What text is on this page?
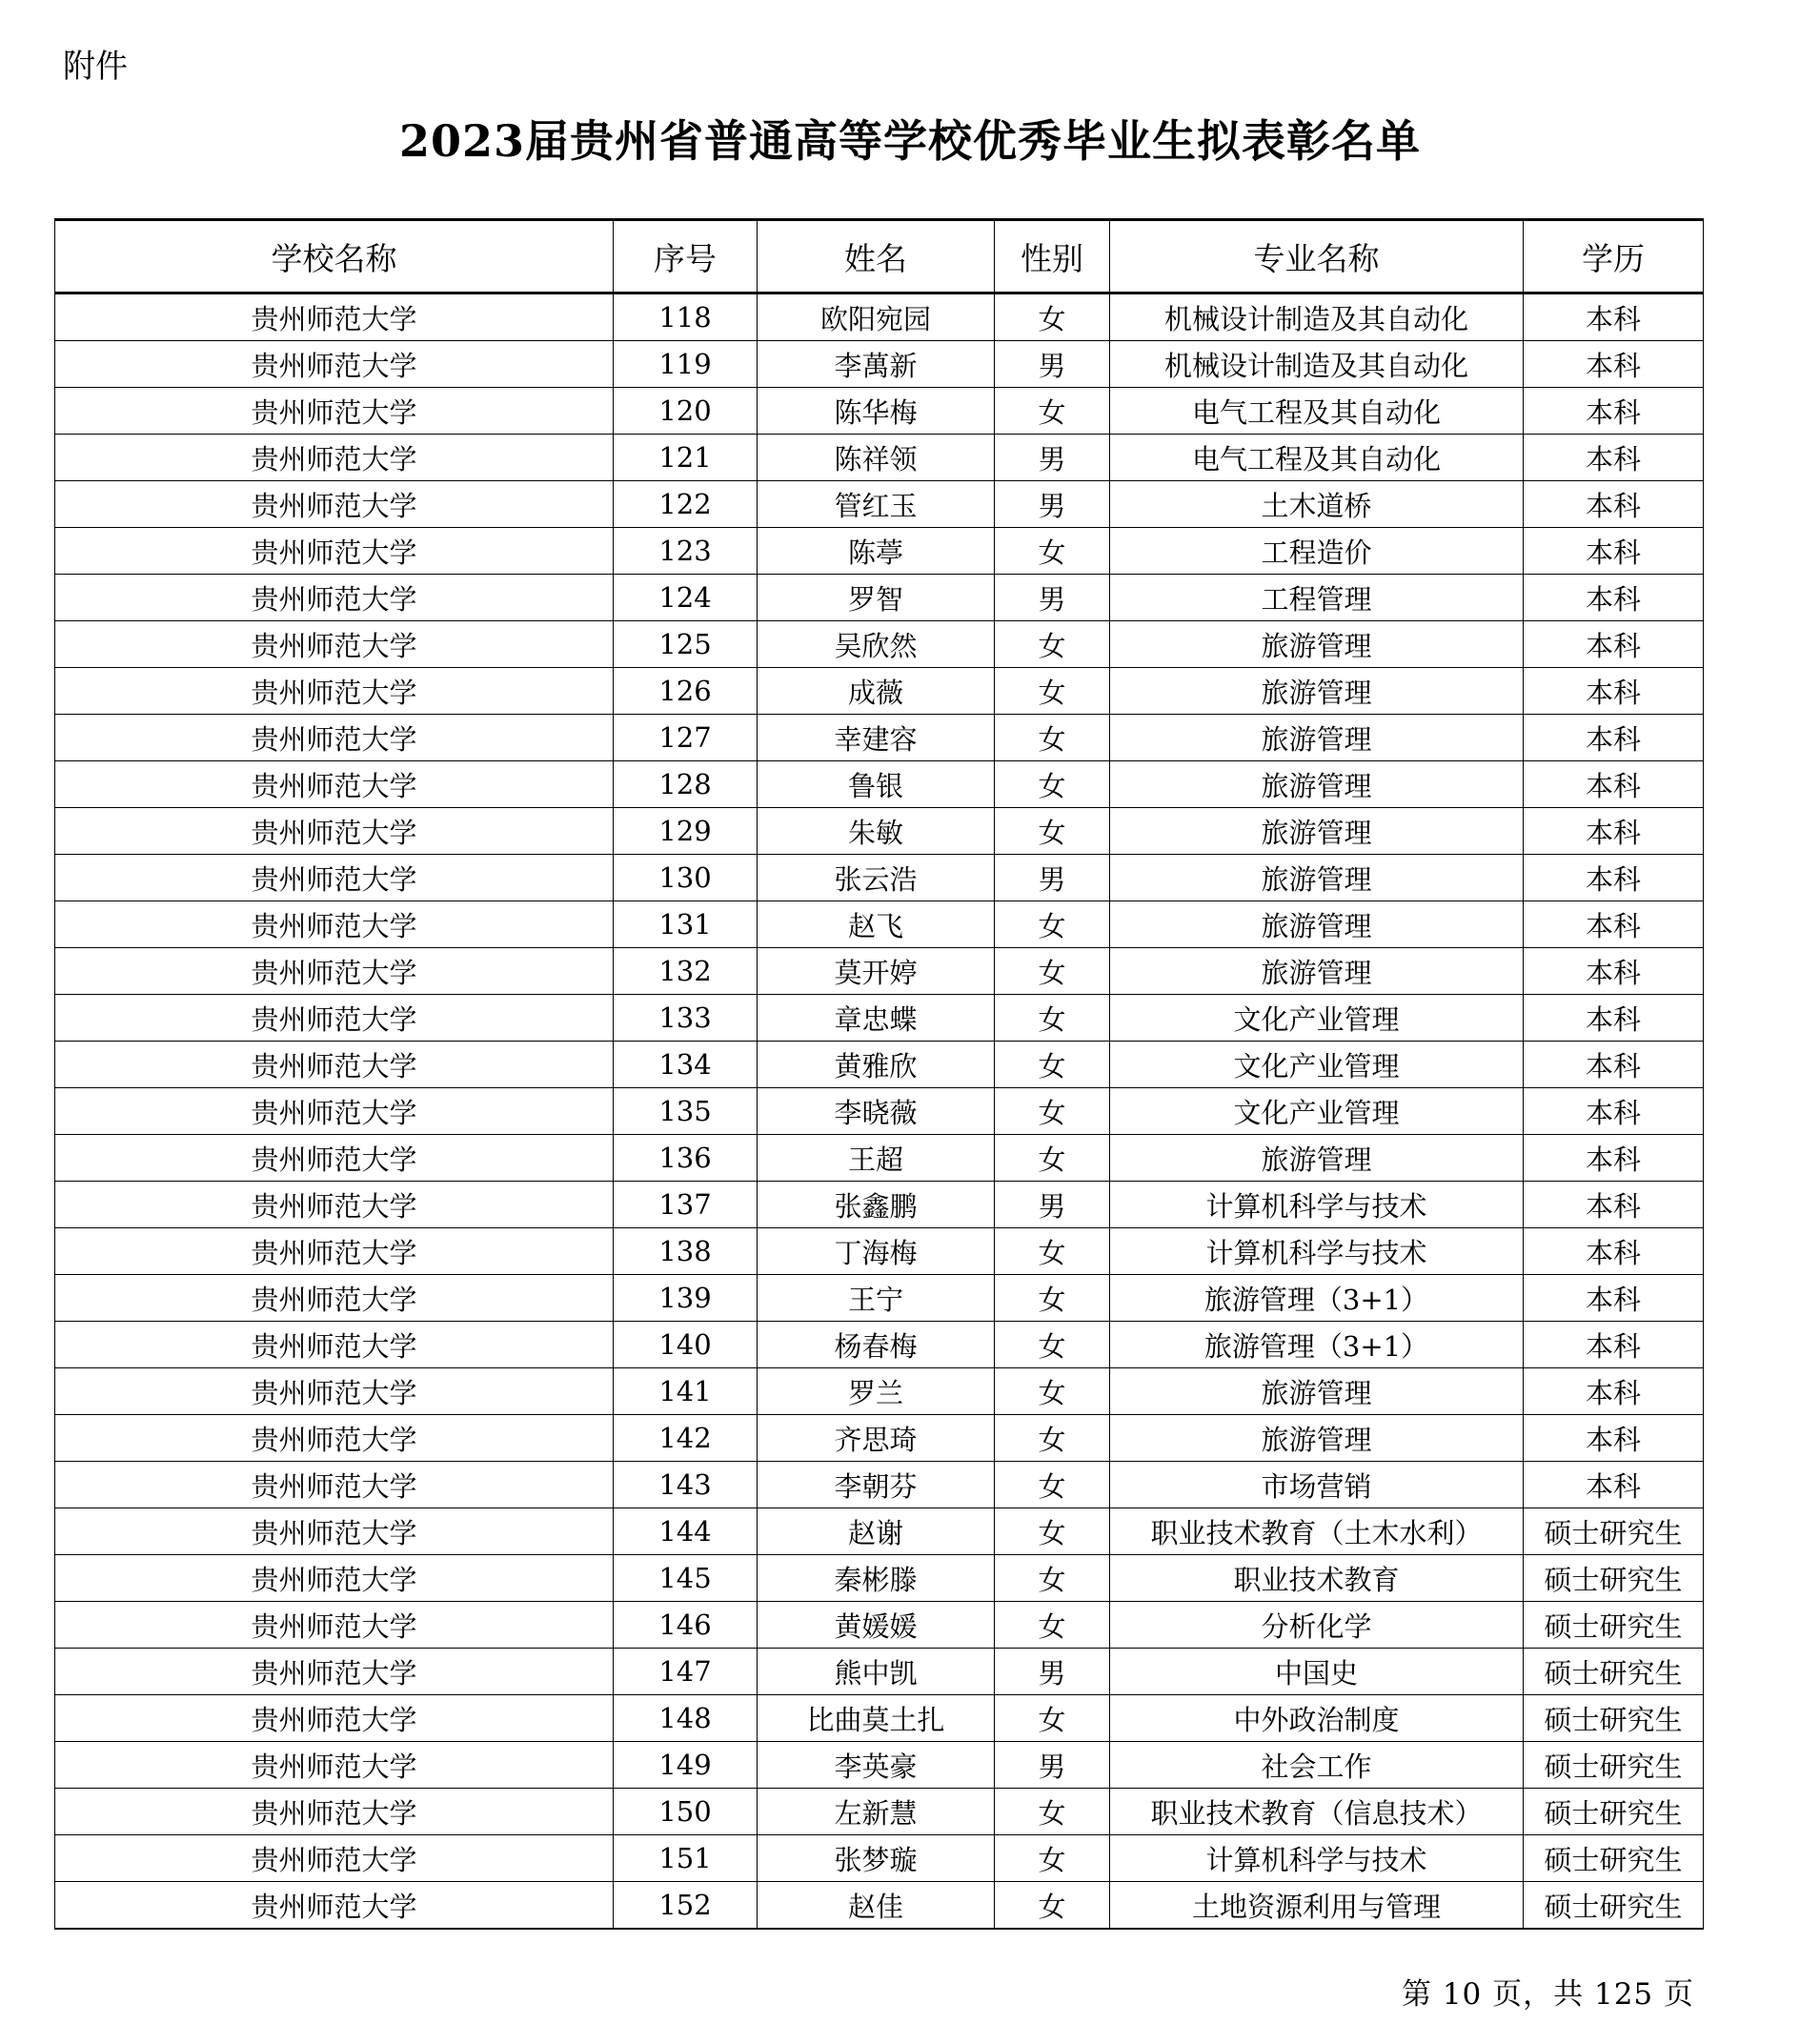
附件
2023届贵州省普通高等学校优秀毕业生拟表彰名单
学校名称	序号	姓名	性别	专业名称	学历
贵州师范大学	118	欧阳宛园	女	机械设计制造及其自动化	本科
贵州师范大学	119	李萬新	男	机械设计制造及其自动化	本科
贵州师范大学	120	陈华梅	女	电气工程及其自动化	本科
贵州师范大学	121	陈祥领	男	电气工程及其自动化	本科
贵州师范大学	122	管红玉	男	土木道桥	本科
贵州师范大学	123	陈葶	女	工程造价	本科
贵州师范大学	124	罗智	男	工程管理	本科
贵州师范大学	125	吴欣然	女	旅游管理	本科
贵州师范大学	126	成薇	女	旅游管理	本科
贵州师范大学	127	幸建容	女	旅游管理	本科
贵州师范大学	128	鲁银	女	旅游管理	本科
贵州师范大学	129	朱敏	女	旅游管理	本科
贵州师范大学	130	张云浩	男	旅游管理	本科
贵州师范大学	131	赵飞	女	旅游管理	本科
贵州师范大学	132	莫开婷	女	旅游管理	本科
贵州师范大学	133	章忠蝶	女	文化产业管理	本科
贵州师范大学	134	黄雅欣	女	文化产业管理	本科
贵州师范大学	135	李晓薇	女	文化产业管理	本科
贵州师范大学	136	王超	女	旅游管理	本科
贵州师范大学	137	张鑫鹏	男	计算机科学与技术	本科
贵州师范大学	138	丁海梅	女	计算机科学与技术	本科
贵州师范大学	139	王宁	女	旅游管理（3+1）	本科
贵州师范大学	140	杨春梅	女	旅游管理（3+1）	本科
贵州师范大学	141	罗兰	女	旅游管理	本科
贵州师范大学	142	齐思琦	女	旅游管理	本科
贵州师范大学	143	李朝芬	女	市场营销	本科
贵州师范大学	144	赵谢	女	职业技术教育（土木水利）	硕士研究生
贵州师范大学	145	秦彬滕	女	职业技术教育	硕士研究生
贵州师范大学	146	黄媛媛	女	分析化学	硕士研究生
贵州师范大学	147	熊中凯	男	中国史	硕士研究生
贵州师范大学	148	比曲莫土扎	女	中外政治制度	硕士研究生
贵州师范大学	149	李英豪	男	社会工作	硕士研究生
贵州师范大学	150	左新慧	女	职业技术教育（信息技术）	硕士研究生
贵州师范大学	151	张梦璇	女	计算机科学与技术	硕士研究生
贵州师范大学	152	赵佳	女	土地资源利用与管理	硕士研究生
第 10 页，共 125 页
